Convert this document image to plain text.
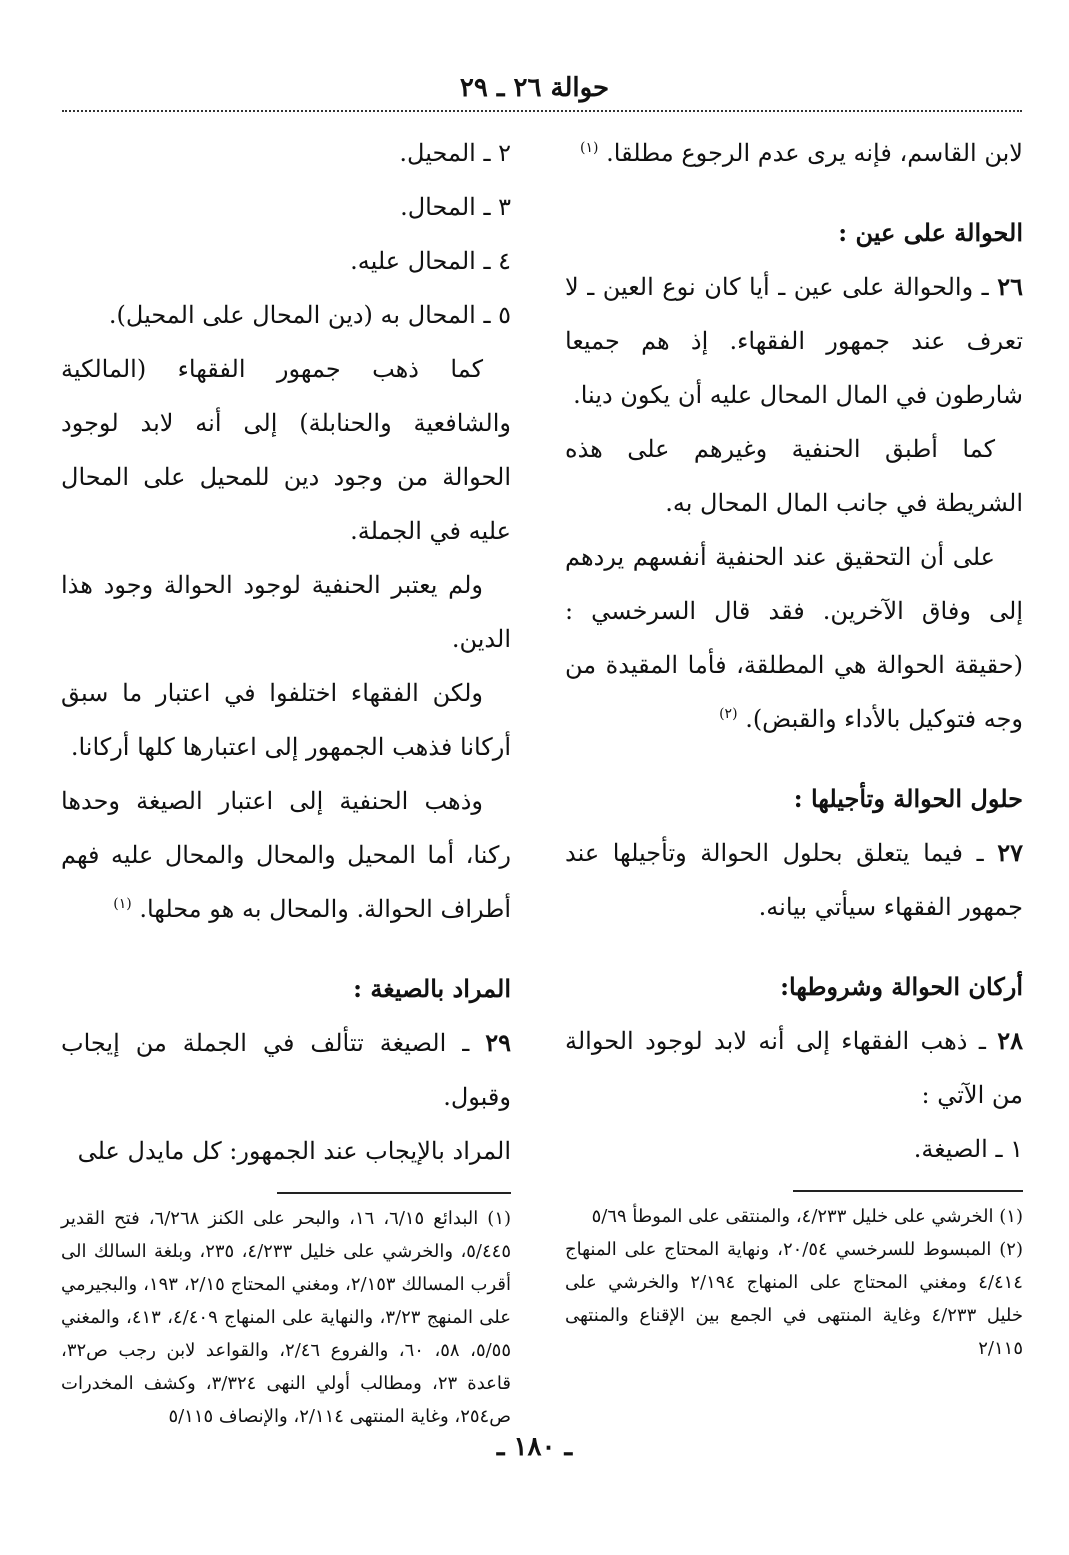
حوالة ٢٦ ـ ٢٩

لابن القاسم، فإنه يرى عدم الرجوع مطلقا. $^{(١)}$

الحوالة على عين :

٢٦ ـ والحوالة على عين ـ أيا كان نوع العين ـ لا تعرف عند جمهور الفقهاء. إذ هم جميعا شارطون في المال المحال عليه أن يكون دينا.

كما أطبق الحنفية وغيرهم على هذه الشريطة في جانب المال المحال به.

على أن التحقيق عند الحنفية أنفسهم يردهم إلى وفاق الآخرين. فقد قال السرخسي : (حقيقة الحوالة هي المطلقة، فأما المقيدة من وجه فتوكيل بالأداء والقبض). $^{(٢)}$

حلول الحوالة وتأجيلها :

٢٧ ـ فيما يتعلق بحلول الحوالة وتأجيلها عند جمهور الفقهاء سيأتي بيانه.

أركان الحوالة وشروطها:

٢٨ ـ ذهب الفقهاء إلى أنه لابد لوجود الحوالة من الآتي :

١ ـ الصيغة.

(١) الخرشي على خليل ٤/٢٣٣، والمنتقى على الموطأ ٥/٦٩

(٢) المبسوط للسرخسي ٢٠/٥٤، ونهاية المحتاج على المنهاج ٤/٤١٤ ومغني المحتاج على المنهاج ٢/١٩٤ والخرشي على خليل ٤/٢٣٣ وغاية المنتهى في الجمع بين الإقناع والمنتهى ٢/١١٥

٢ ـ المحيل.

٣ ـ المحال.

٤ ـ المحال عليه.

٥ ـ المحال به (دين المحال على المحيل).

كما ذهب جمهور الفقهاء (المالكية والشافعية والحنابلة) إلى أنه لابد لوجود الحوالة من وجود دين للمحيل على المحال عليه في الجملة.

ولم يعتبر الحنفية لوجود الحوالة وجود هذا الدين.

ولكن الفقهاء اختلفوا في اعتبار ما سبق أركانا فذهب الجمهور إلى اعتبارها كلها أركانا.

وذهب الحنفية إلى اعتبار الصيغة وحدها ركنا، أما المحيل والمحال والمحال عليه فهم أطراف الحوالة. والمحال به هو محلها. $^{(١)}$

المراد بالصيغة :

٢٩ ـ الصيغة تتألف في الجملة من إيجاب وقبول.

المراد بالإيجاب عند الجمهور: كل مايدل على

(١) البدائع ٦/١٥، ١٦، والبحر على الكنز ٦/٢٦٨، فتح القدير ٥/٤٤٥، والخرشي على خليل ٤/٢٣٣، ٢٣٥، وبلغة السالك الى أقرب المسالك ٢/١٥٣، ومغني المحتاج ٢/١٥، ١٩٣، والبجيرمي على المنهج ٣/٢٣، والنهاية على المنهاج ٤/٤٠٩، ٤١٣، والمغني ٥/٥٥، ٥٨، ٦٠، والفروع ٢/٤٦، والقواعد لابن رجب ص٣٢، قاعدة ٢٣، ومطالب أولي النهى ٣/٣٢٤، وكشف المخدرات ص٢٥٤، وغاية المنتهى ٢/١١٤، والإنصاف ٥/١١٥

ـ ١٨٠ ـ
